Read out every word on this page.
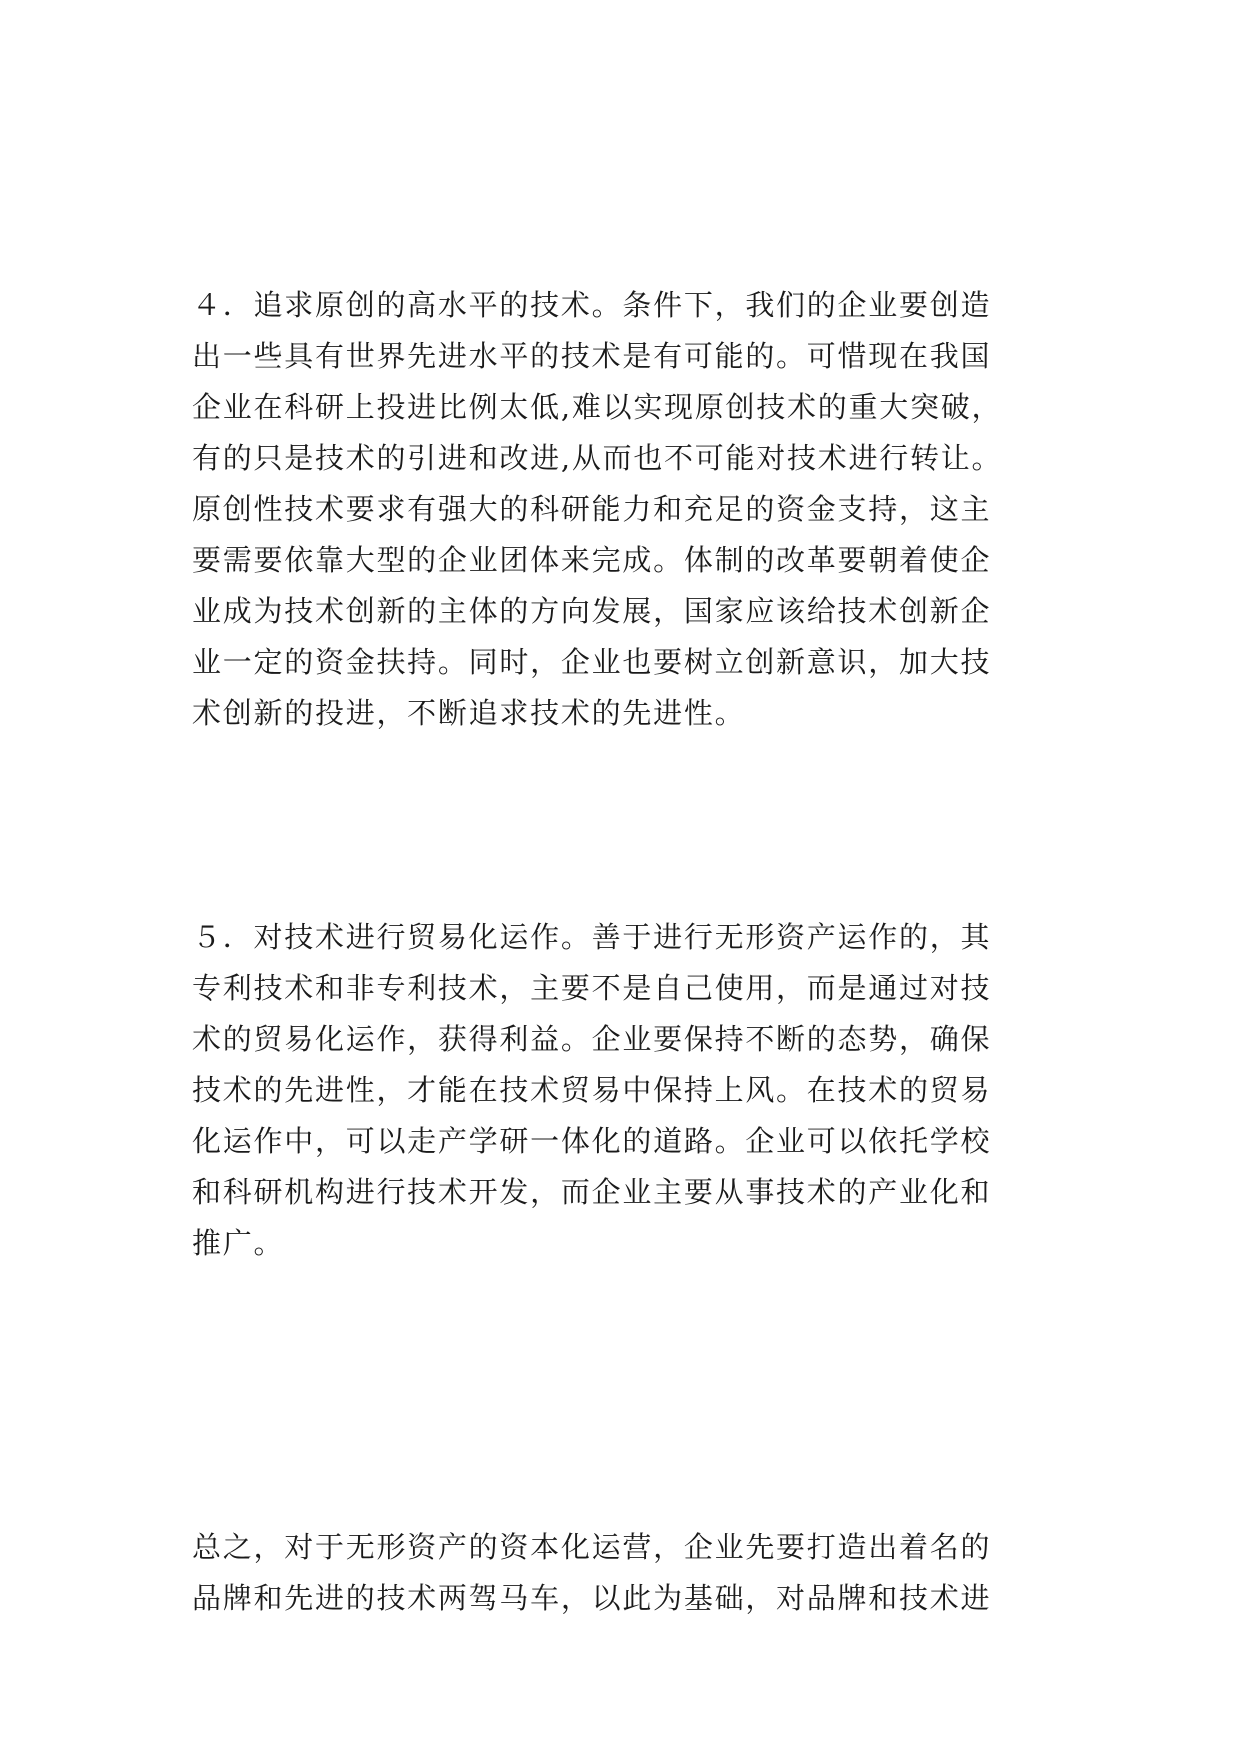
４．追求原创的高水平的技术。条件下，我们的企业要创造
出一些具有世界先进水平的技术是有可能的。可惜现在我国
企业在科研上投进比例太低,难以实现原创技术的重大突破，
有的只是技术的引进和改进,从而也不可能对技术进行转让。
原创性技术要求有强大的科研能力和充足的资金支持，这主
要需要依靠大型的企业团体来完成。体制的改革要朝着使企
业成为技术创新的主体的方向发展，国家应该给技术创新企
业一定的资金扶持。同时，企业也要树立创新意识，加大技
术创新的投进，不断追求技术的先进性。

５．对技术进行贸易化运作。善于进行无形资产运作的，其
专利技术和非专利技术，主要不是自己使用，而是通过对技
术的贸易化运作，获得利益。企业要保持不断的态势，确保
技术的先进性，才能在技术贸易中保持上风。在技术的贸易
化运作中，可以走产学研一体化的道路。企业可以依托学校
和科研机构进行技术开发，而企业主要从事技术的产业化和
推广。

总之，对于无形资产的资本化运营，企业先要打造出着名的
品牌和先进的技术两驾马车，以此为基础，对品牌和技术进
